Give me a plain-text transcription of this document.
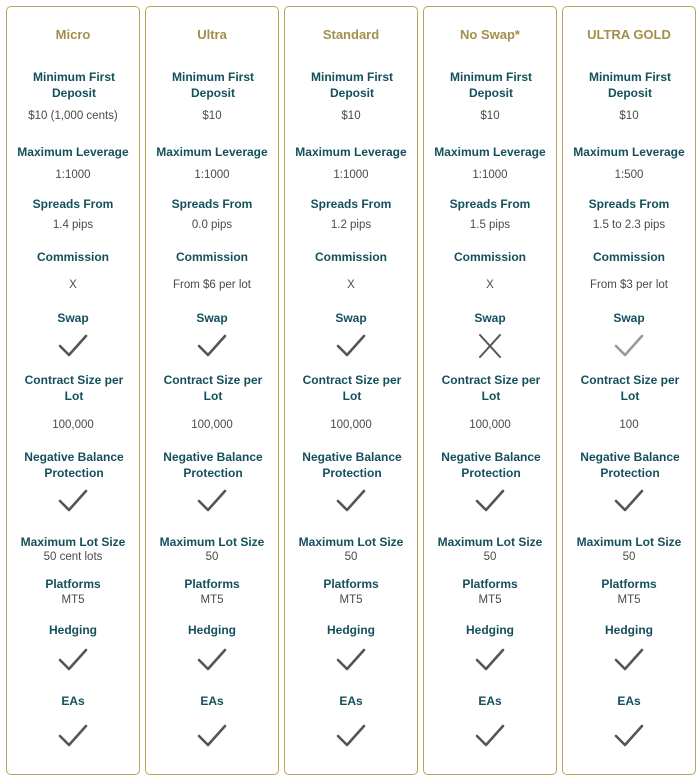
Micro
Minimum First Deposit
$10 (1,000 cents)
Maximum Leverage
1:1000
Spreads From
1.4 pips
Commission
X
Swap
Contract Size per Lot
100,000
Negative Balance Protection
Maximum Lot Size
50 cent lots
Platforms
MT5
Hedging
EAs
Ultra
Minimum First Deposit
$10
Maximum Leverage
1:1000
Spreads From
0.0 pips
Commission
From $6 per lot
Swap
Contract Size per Lot
100,000
Negative Balance Protection
Maximum Lot Size
50
Platforms
MT5
Hedging
EAs
Standard
Minimum First Deposit
$10
Maximum Leverage
1:1000
Spreads From
1.2 pips
Commission
X
Swap
Contract Size per Lot
100,000
Negative Balance Protection
Maximum Lot Size
50
Platforms
MT5
Hedging
EAs
No Swap*
Minimum First Deposit
$10
Maximum Leverage
1:1000
Spreads From
1.5 pips
Commission
X
Swap
Contract Size per Lot
100,000
Negative Balance Protection
Maximum Lot Size
50
Platforms
MT5
Hedging
EAs
ULTRA GOLD
Minimum First Deposit
$10
Maximum Leverage
1:500
Spreads From
1.5 to 2.3 pips
Commission
From $3 per lot
Swap
Contract Size per Lot
100
Negative Balance Protection
Maximum Lot Size
50
Platforms
MT5
Hedging
EAs
